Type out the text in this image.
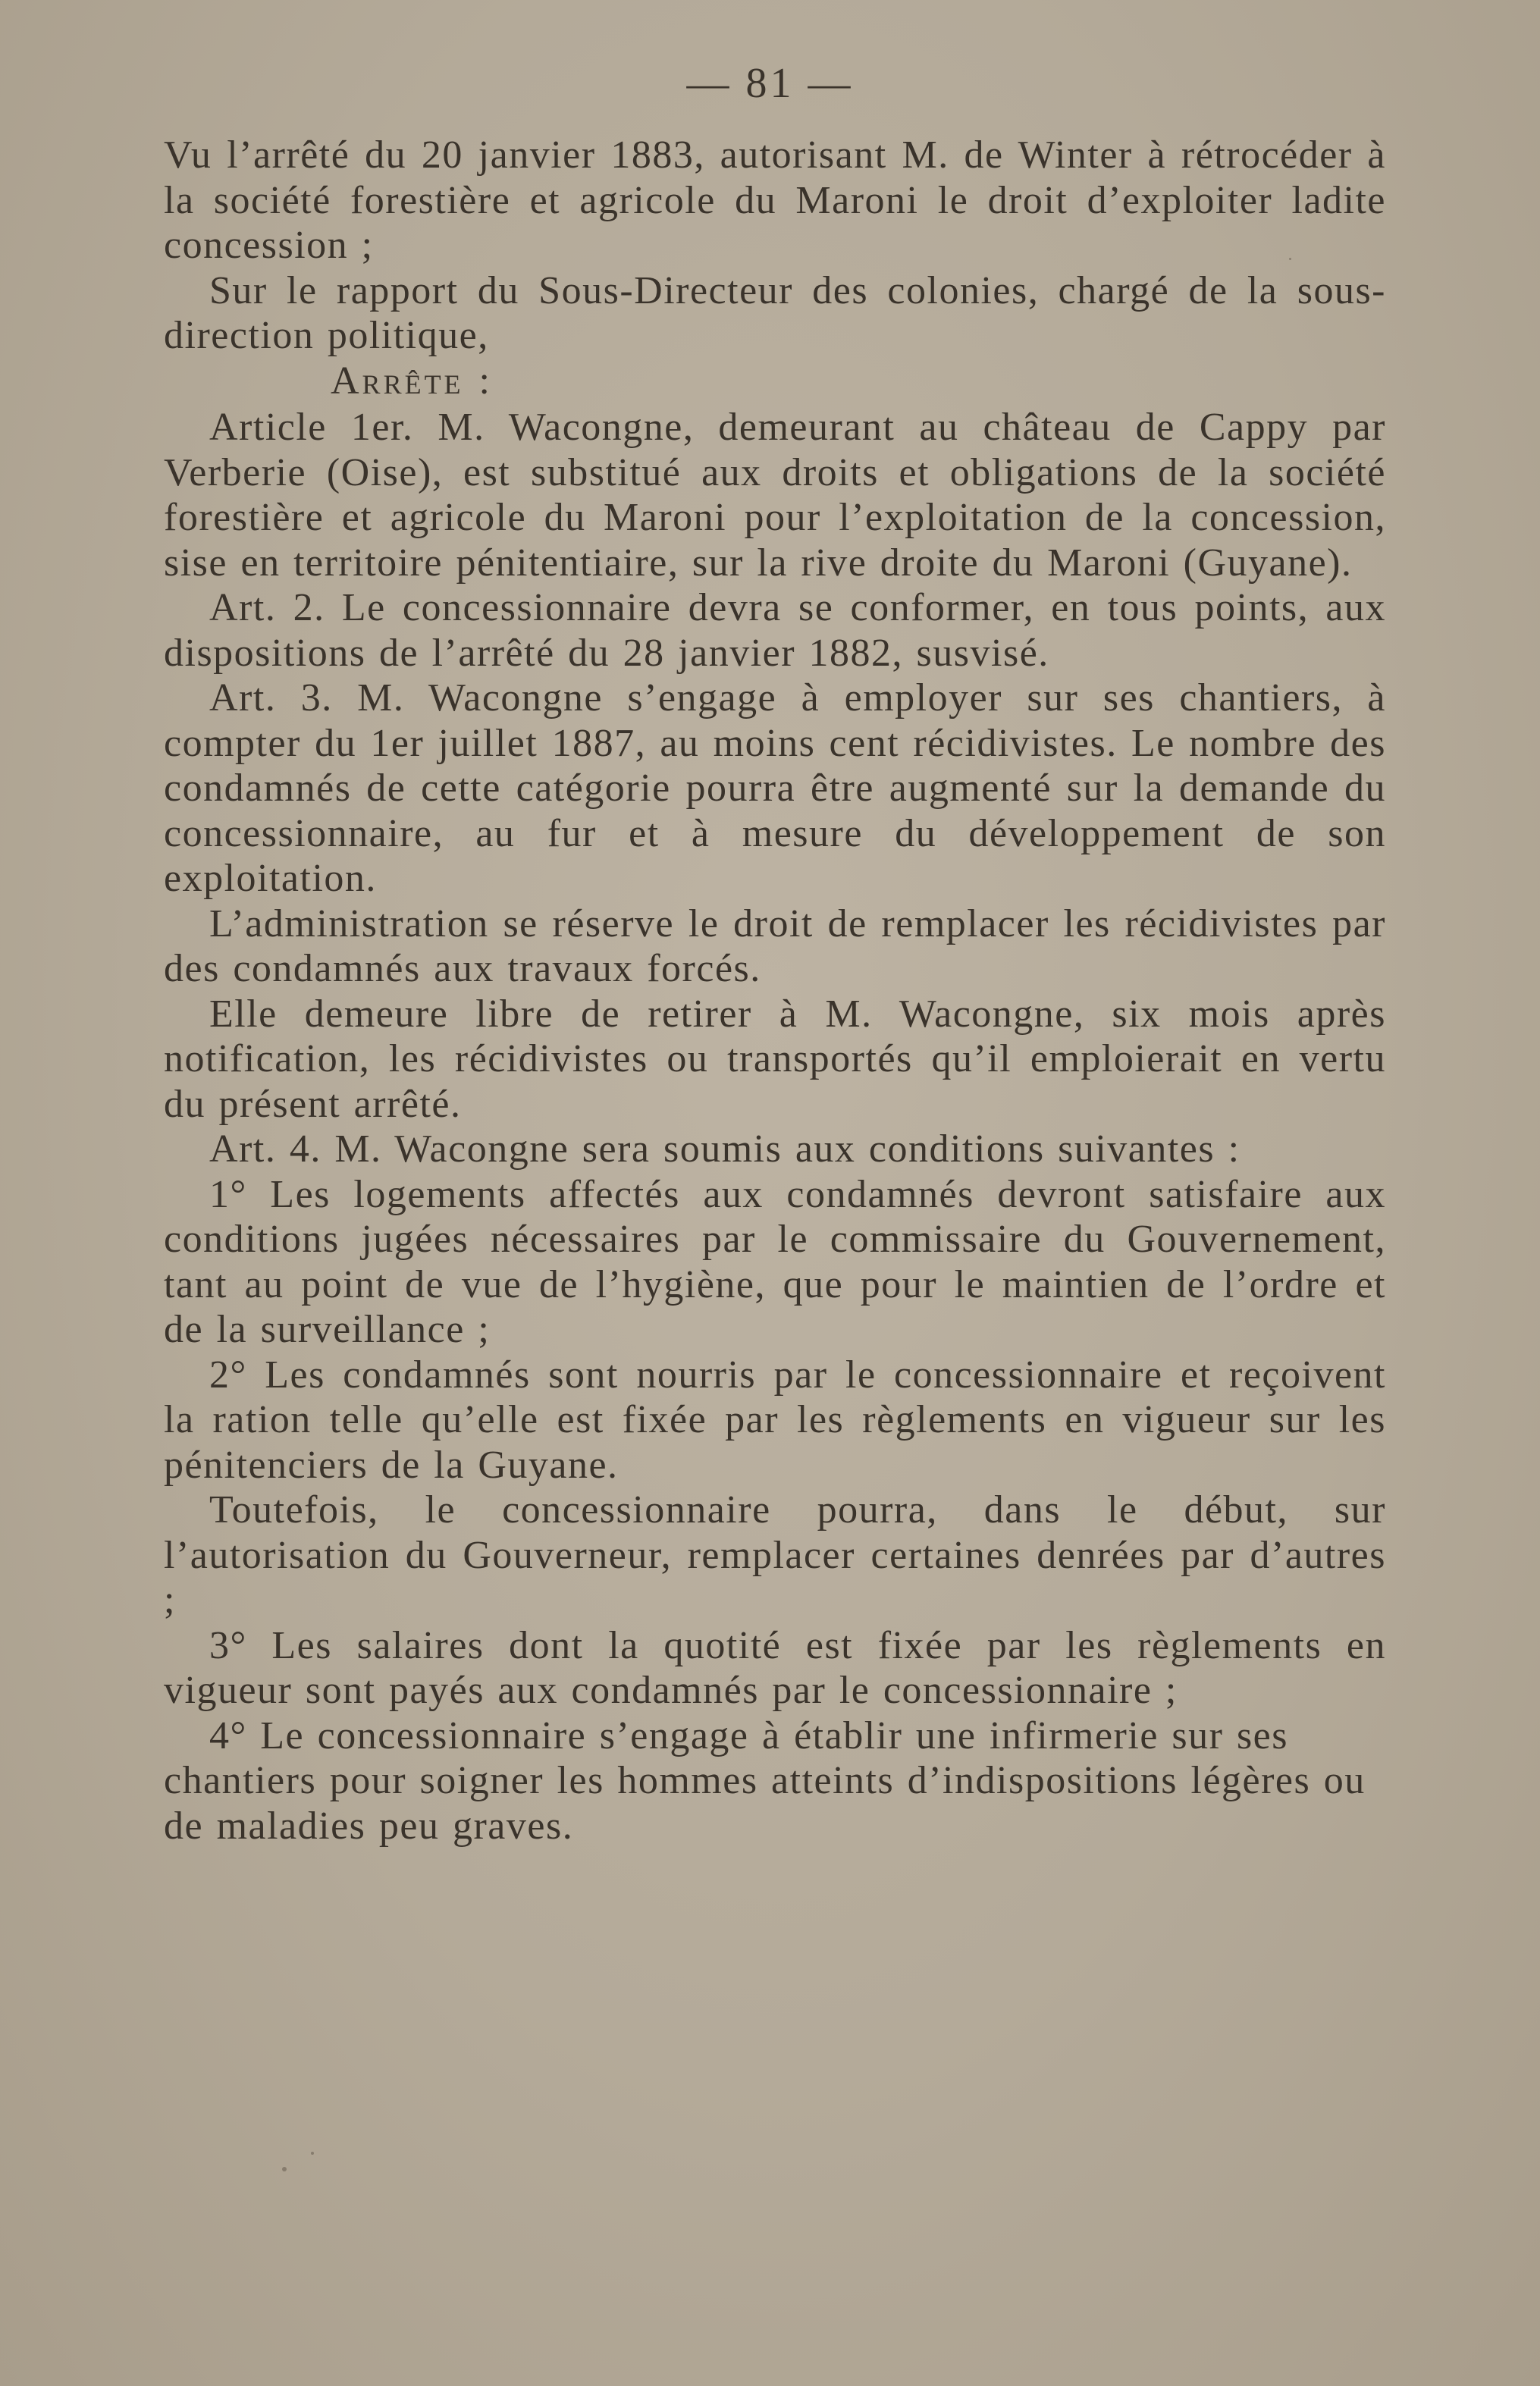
— 81 —

Vu l’arrêté du 20 janvier 1883, autorisant M. de Winter à rétrocéder à la société forestière et agricole du Maroni le droit d’exploiter ladite concession ;

Sur le rapport du Sous-Directeur des colonies, chargé de la sous-direction politique,

Arrête :

Article 1er. M. Wacongne, demeurant au château de Cappy par Verberie (Oise), est substitué aux droits et obligations de la société forestière et agricole du Maroni pour l’exploitation de la concession, sise en territoire pénitentiaire, sur la rive droite du Maroni (Guyane).

Art. 2. Le concessionnaire devra se conformer, en tous points, aux dispositions de l’arrêté du 28 janvier 1882, susvisé.

Art. 3. M. Wacongne s’engage à employer sur ses chantiers, à compter du 1er juillet 1887, au moins cent récidivistes. Le nombre des condamnés de cette catégorie pourra être augmenté sur la demande du concessionnaire, au fur et à mesure du développement de son exploitation.

L’administration se réserve le droit de remplacer les récidivistes par des condamnés aux travaux forcés.

Elle demeure libre de retirer à M. Wacongne, six mois après notification, les récidivistes ou transportés qu’il emploierait en vertu du présent arrêté.

Art. 4. M. Wacongne sera soumis aux conditions suivantes :

1° Les logements affectés aux condamnés devront satisfaire aux conditions jugées nécessaires par le commissaire du Gouvernement, tant au point de vue de l’hygiène, que pour le maintien de l’ordre et de la surveillance ;

2° Les condamnés sont nourris par le concessionnaire et reçoivent la ration telle qu’elle est fixée par les règlements en vigueur sur les pénitenciers de la Guyane.

Toutefois, le concessionnaire pourra, dans le début, sur l’autorisation du Gouverneur, remplacer certaines denrées par d’autres ;

3° Les salaires dont la quotité est fixée par les règlements en vigueur sont payés aux condamnés par le concessionnaire ;

4° Le concessionnaire s’engage à établir une infirmerie sur ses chantiers pour soigner les hommes atteints d’indispositions légères ou de maladies peu graves.
